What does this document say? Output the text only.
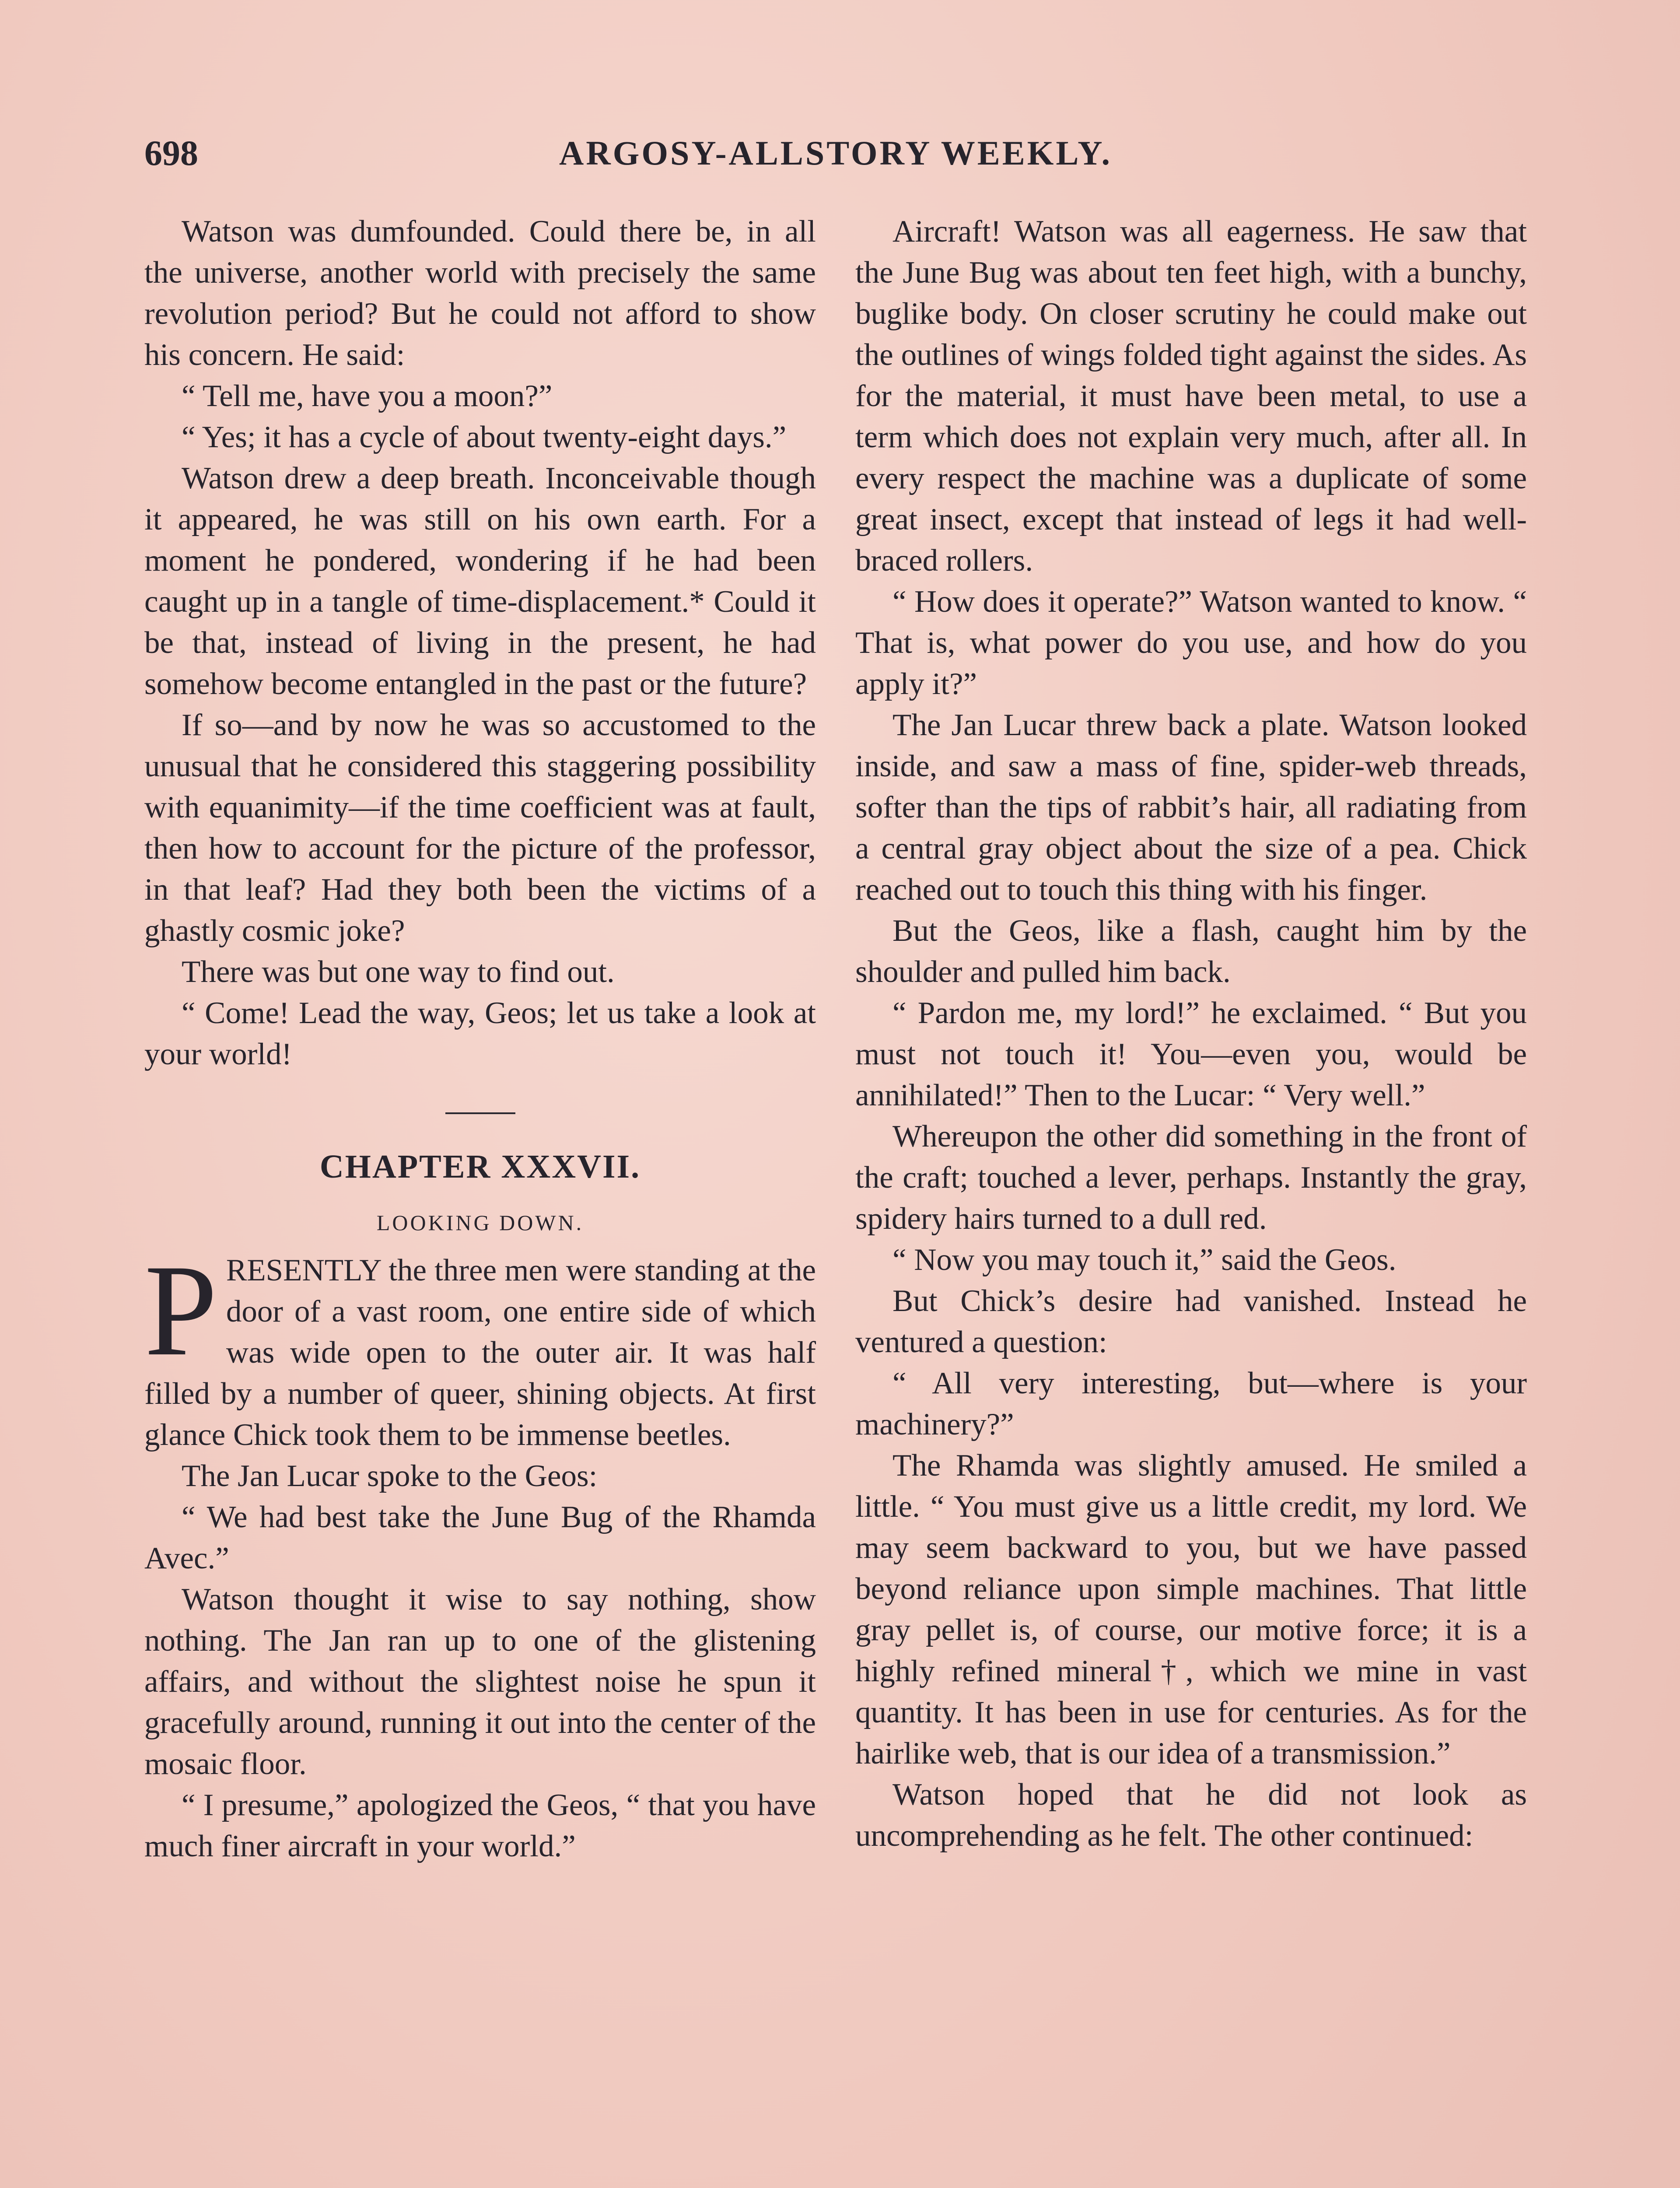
698	ARGOSY-ALLSTORY WEEKLY.

Watson was dumfounded. Could there be, in all the universe, another world with precisely the same revolution period? But he could not afford to show his concern. He said:

“ Tell me, have you a moon?”

“ Yes; it has a cycle of about twenty-eight days.”

Watson drew a deep breath. Inconceivable though it appeared, he was still on his own earth. For a moment he pondered, wondering if he had been caught up in a tangle of time-displacement.* Could it be that, instead of living in the present, he had somehow become entangled in the past or the future?

If so—and by now he was so accustomed to the unusual that he considered this staggering possibility with equanimity—if the time coefficient was at fault, then how to account for the picture of the professor, in that leaf? Had they both been the victims of a ghastly cosmic joke?

There was but one way to find out.

“ Come! Lead the way, Geos; let us take a look at your world!

CHAPTER XXXVII.
LOOKING DOWN.

PRESENTLY the three men were standing at the door of a vast room, one entire side of which was wide open to the outer air. It was half filled by a number of queer, shining objects. At first glance Chick took them to be immense beetles.

The Jan Lucar spoke to the Geos:

“ We had best take the June Bug of the Rhamda Avec.”

Watson thought it wise to say nothing, show nothing. The Jan ran up to one of the glistening affairs, and without the slightest noise he spun it gracefully around, running it out into the center of the mosaic floor.

“ I presume,” apologized the Geos, “ that you have much finer aircraft in your world.”

Aircraft! Watson was all eagerness. He saw that the June Bug was about ten feet high, with a bunchy, buglike body. On closer scrutiny he could make out the outlines of wings folded tight against the sides. As for the material, it must have been metal, to use a term which does not explain very much, after all. In every respect the machine was a duplicate of some great insect, except that instead of legs it had well-braced rollers.

“ How does it operate?” Watson wanted to know. “ That is, what power do you use, and how do you apply it?”

The Jan Lucar threw back a plate. Watson looked inside, and saw a mass of fine, spider-web threads, softer than the tips of rabbit’s hair, all radiating from a central gray object about the size of a pea. Chick reached out to touch this thing with his finger.

But the Geos, like a flash, caught him by the shoulder and pulled him back.

“ Pardon me, my lord!” he exclaimed. “ But you must not touch it! You—even you, would be annihilated!” Then to the Lucar: “ Very well.”

Whereupon the other did something in the front of the craft; touched a lever, perhaps. Instantly the gray, spidery hairs turned to a dull red.

“ Now you may touch it,” said the Geos.

But Chick’s desire had vanished. Instead he ventured a question:

“ All very interesting, but—where is your machinery?”

The Rhamda was slightly amused. He smiled a little. “ You must give us a little credit, my lord. We may seem backward to you, but we have passed beyond reliance upon simple machines. That little gray pellet is, of course, our motive force; it is a highly refined mineral†, which we mine in vast quantity. It has been in use for centuries. As for the hairlike web, that is our idea of a transmission.”

Watson hoped that he did not look as uncomprehending as he felt. The other continued:
